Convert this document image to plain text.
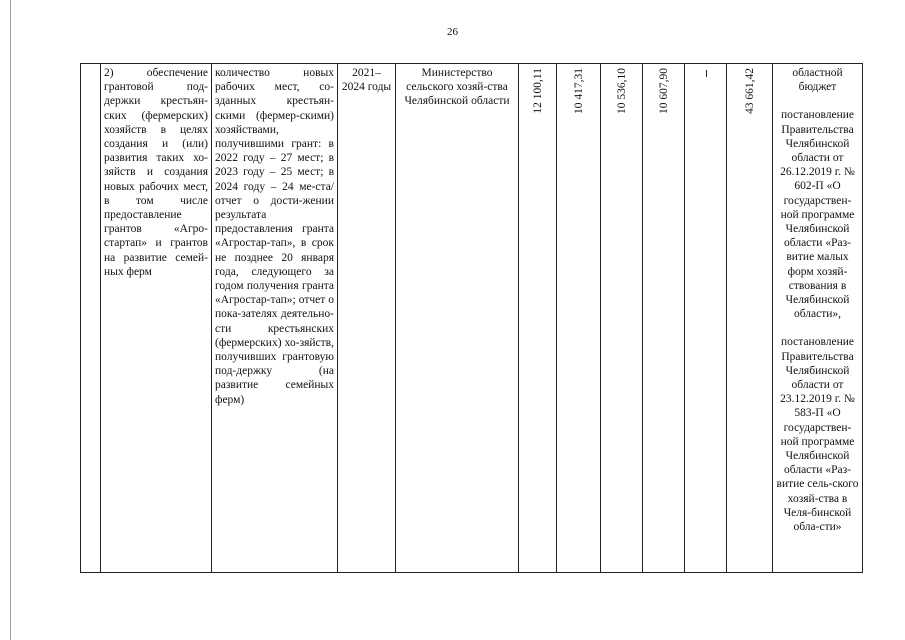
26
	2) обеспечение грантовой под-держки крестьян-ских (фермерских) хозяйств в целях создания и (или) развития таких хо-зяйств и создания новых рабочих мест, в том числе предоставление грантов «Агро-стартап» и грантов на развитие семей-ных ферм	количество новых рабочих мест, со-зданных крестьян-скими (фермер-скими) хозяйствами, получившими грант: в 2022 году – 27 мест; в 2023 году – 25 мест; в 2024 году – 24 ме-ста/отчет о дости-жении результата предоставления гранта «Агростар-тап», в срок не позднее 20 января года, следующего за годом получения гранта «Агростар-тап»; отчет о пока-зателях деятельно-сти крестьянских (фермерских) хо-зяйств, получивших грантовую под-держку (на развитие семейных ферм)	2021– 2024 годы	Министерство сельского хозяй-ства Челябинской области	12 100,11	10 417,31	10 536,10	10 607,90		43 661,42	областной бюджет

постановление Правительства Челябинской области от 26.12.2019 г. № 602-П «О государствен-ной программе Челябинской области «Раз-витие малых форм хозяй-ствования в Челябинской области»,

постановление Правительства Челябинской области от 23.12.2019 г. № 583-П «О государствен-ной программе Челябинской области «Раз-витие сель-ского хозяй-ства в Челя-бинской обла-сти»
